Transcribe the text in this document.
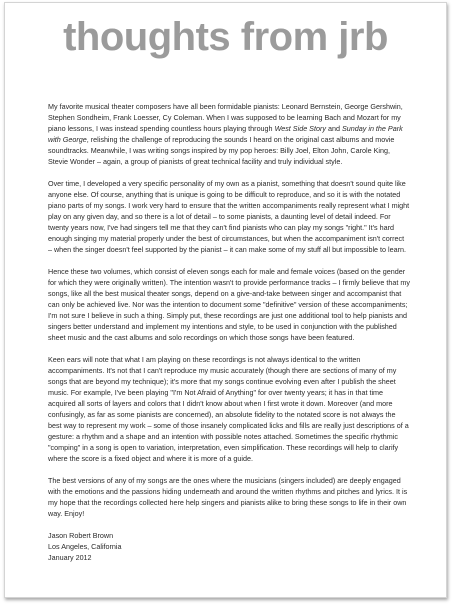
thoughts from jrb

My favorite musical theater composers have all been formidable pianists: Leonard Bernstein, George Gershwin, Stephen Sondheim, Frank Loesser, Cy Coleman. When I was supposed to be learning Bach and Mozart for my piano lessons, I was instead spending countless hours playing through West Side Story and Sunday in the Park with George, relishing the challenge of reproducing the sounds I heard on the original cast albums and movie soundtracks. Meanwhile, I was writing songs inspired by my pop heroes: Billy Joel, Elton John, Carole King, Stevie Wonder – again, a group of pianists of great technical facility and truly individual style.

Over time, I developed a very specific personality of my own as a pianist, something that doesn't sound quite like anyone else. Of course, anything that is unique is going to be difficult to reproduce, and so it is with the notated piano parts of my songs. I work very hard to ensure that the written accompaniments really represent what I might play on any given day, and so there is a lot of detail – to some pianists, a daunting level of detail indeed. For twenty years now, I've had singers tell me that they can't find pianists who can play my songs "right." It's hard enough singing my material properly under the best of circumstances, but when the accompaniment isn't correct – when the singer doesn't feel supported by the pianist – it can make some of my stuff all but impossible to learn.

Hence these two volumes, which consist of eleven songs each for male and female voices (based on the gender for which they were originally written). The intention wasn't to provide performance tracks – I firmly believe that my songs, like all the best musical theater songs, depend on a give-and-take between singer and accompanist that can only be achieved live. Nor was the intention to document some "definitive" version of these accompaniments; I'm not sure I believe in such a thing. Simply put, these recordings are just one additional tool to help pianists and singers better understand and implement my intentions and style, to be used in conjunction with the published sheet music and the cast albums and solo recordings on which those songs have been featured.

Keen ears will note that what I am playing on these recordings is not always identical to the written accompaniments. It's not that I can't reproduce my music accurately (though there are sections of many of my songs that are beyond my technique); it's more that my songs continue evolving even after I publish the sheet music. For example, I've been playing "I'm Not Afraid of Anything" for over twenty years; it has in that time acquired all sorts of layers and colors that I didn't know about when I first wrote it down. Moreover (and more confusingly, as far as some pianists are concerned), an absolute fidelity to the notated score is not always the best way to represent my work – some of those insanely complicated licks and fills are really just descriptions of a gesture: a rhythm and a shape and an intention with possible notes attached. Sometimes the specific rhythmic "comping" in a song is open to variation, interpretation, even simplification. These recordings will help to clarify where the score is a fixed object and where it is more of a guide.

The best versions of any of my songs are the ones where the musicians (singers included) are deeply engaged with the emotions and the passions hiding underneath and around the written rhythms and pitches and lyrics. It is my hope that the recordings collected here help singers and pianists alike to bring these songs to life in their own way. Enjoy!

Jason Robert Brown
Los Angeles, California
January 2012
